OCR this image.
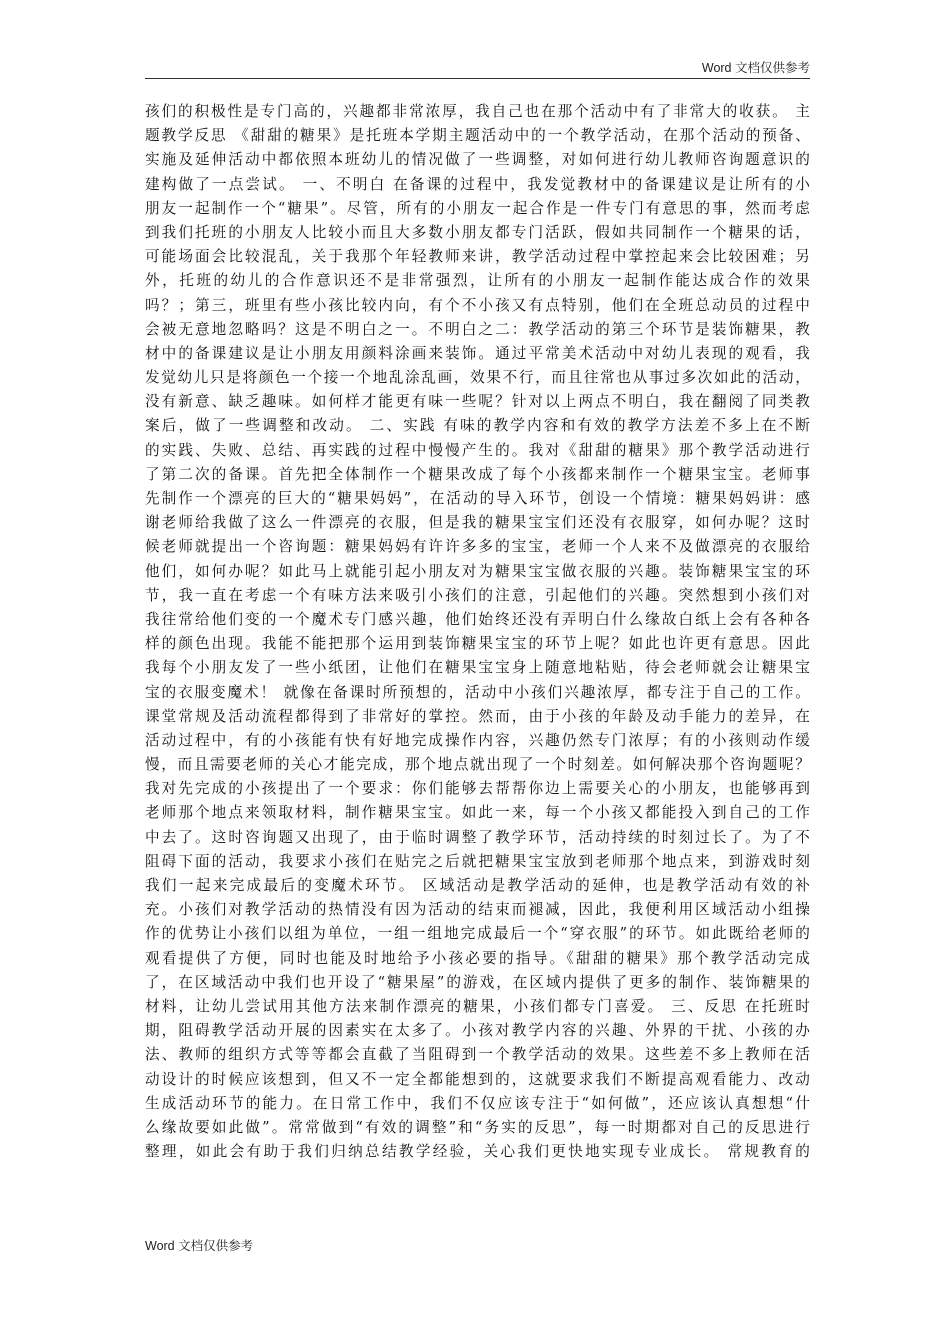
Word 文档仅供参考
孩们的积极性是专门高的，兴趣都非常浓厚，我自己也在那个活动中有了非常大的收获。 主
题教学反思 《甜甜的糖果》是托班本学期主题活动中的一个教学活动，在那个活动的预备、
实施及延伸活动中都依照本班幼儿的情况做了一些调整，对如何进行幼儿教师咨询题意识的
建构做了一点尝试。 一、不明白 在备课的过程中，我发觉教材中的备课建议是让所有的小
朋友一起制作一个“糖果”。尽管，所有的小朋友一起合作是一件专门有意思的事，然而考虑
到我们托班的小朋友人比较小而且大多数小朋友都专门活跃，假如共同制作一个糖果的话，
可能场面会比较混乱，关于我那个年轻教师来讲，教学活动过程中掌控起来会比较困难；另
外，托班的幼儿的合作意识还不是非常强烈，让所有的小朋友一起制作能达成合作的效果
吗？；第三，班里有些小孩比较内向，有个不小孩又有点特别，他们在全班总动员的过程中
会被无意地忽略吗？这是不明白之一。不明白之二：教学活动的第三个环节是装饰糖果，教
材中的备课建议是让小朋友用颜料涂画来装饰。通过平常美术活动中对幼儿表现的观看，我
发觉幼儿只是将颜色一个接一个地乱涂乱画，效果不行，而且往常也从事过多次如此的活动，
没有新意、缺乏趣味。如何样才能更有味一些呢？针对以上两点不明白，我在翻阅了同类教
案后，做了一些调整和改动。 二、实践 有味的教学内容和有效的教学方法差不多上在不断
的实践、失败、总结、再实践的过程中慢慢产生的。我对《甜甜的糖果》那个教学活动进行
了第二次的备课。首先把全体制作一个糖果改成了每个小孩都来制作一个糖果宝宝。老师事
先制作一个漂亮的巨大的“糖果妈妈”，在活动的导入环节，创设一个情境：糖果妈妈讲：感
谢老师给我做了这么一件漂亮的衣服，但是我的糖果宝宝们还没有衣服穿，如何办呢？这时
候老师就提出一个咨询题：糖果妈妈有许许多多的宝宝，老师一个人来不及做漂亮的衣服给
他们，如何办呢？如此马上就能引起小朋友对为糖果宝宝做衣服的兴趣。装饰糖果宝宝的环
节，我一直在考虑一个有味方法来吸引小孩们的注意，引起他们的兴趣。突然想到小孩们对
我往常给他们变的一个魔术专门感兴趣，他们始终还没有弄明白什么缘故白纸上会有各种各
样的颜色出现。我能不能把那个运用到装饰糖果宝宝的环节上呢？如此也许更有意思。因此
我每个小朋友发了一些小纸团，让他们在糖果宝宝身上随意地粘贴，待会老师就会让糖果宝
宝的衣服变魔术！ 就像在备课时所预想的，活动中小孩们兴趣浓厚，都专注于自己的工作。
课堂常规及活动流程都得到了非常好的掌控。然而，由于小孩的年龄及动手能力的差异，在
活动过程中，有的小孩能有快有好地完成操作内容，兴趣仍然专门浓厚；有的小孩则动作缓
慢，而且需要老师的关心才能完成，那个地点就出现了一个时刻差。如何解决那个咨询题呢？
我对先完成的小孩提出了一个要求：你们能够去帮帮你边上需要关心的小朋友，也能够再到
老师那个地点来领取材料，制作糖果宝宝。如此一来，每一个小孩又都能投入到自己的工作
中去了。这时咨询题又出现了，由于临时调整了教学环节，活动持续的时刻过长了。为了不
阻碍下面的活动，我要求小孩们在贴完之后就把糖果宝宝放到老师那个地点来，到游戏时刻
我们一起来完成最后的变魔术环节。 区域活动是教学活动的延伸，也是教学活动有效的补
充。小孩们对教学活动的热情没有因为活动的结束而褪减，因此，我便利用区域活动小组操
作的优势让小孩们以组为单位，一组一组地完成最后一个“穿衣服”的环节。如此既给老师的
观看提供了方便，同时也能及时地给予小孩必要的指导。《甜甜的糖果》那个教学活动完成
了，在区域活动中我们也开设了“糖果屋”的游戏，在区域内提供了更多的制作、装饰糖果的
材料，让幼儿尝试用其他方法来制作漂亮的糖果，小孩们都专门喜爱。 三、反思 在托班时
期，阻碍教学活动开展的因素实在太多了。小孩对教学内容的兴趣、外界的干扰、小孩的办
法、教师的组织方式等等都会直截了当阻碍到一个教学活动的效果。这些差不多上教师在活
动设计的时候应该想到，但又不一定全都能想到的，这就要求我们不断提高观看能力、改动
生成活动环节的能力。在日常工作中，我们不仅应该专注于“如何做”，还应该认真想想“什
么缘故要如此做”。常常做到“有效的调整”和“务实的反思”，每一时期都对自己的反思进行
整理，如此会有助于我们归纳总结教学经验，关心我们更快地实现专业成长。 常规教育的
Word 文档仅供参考
